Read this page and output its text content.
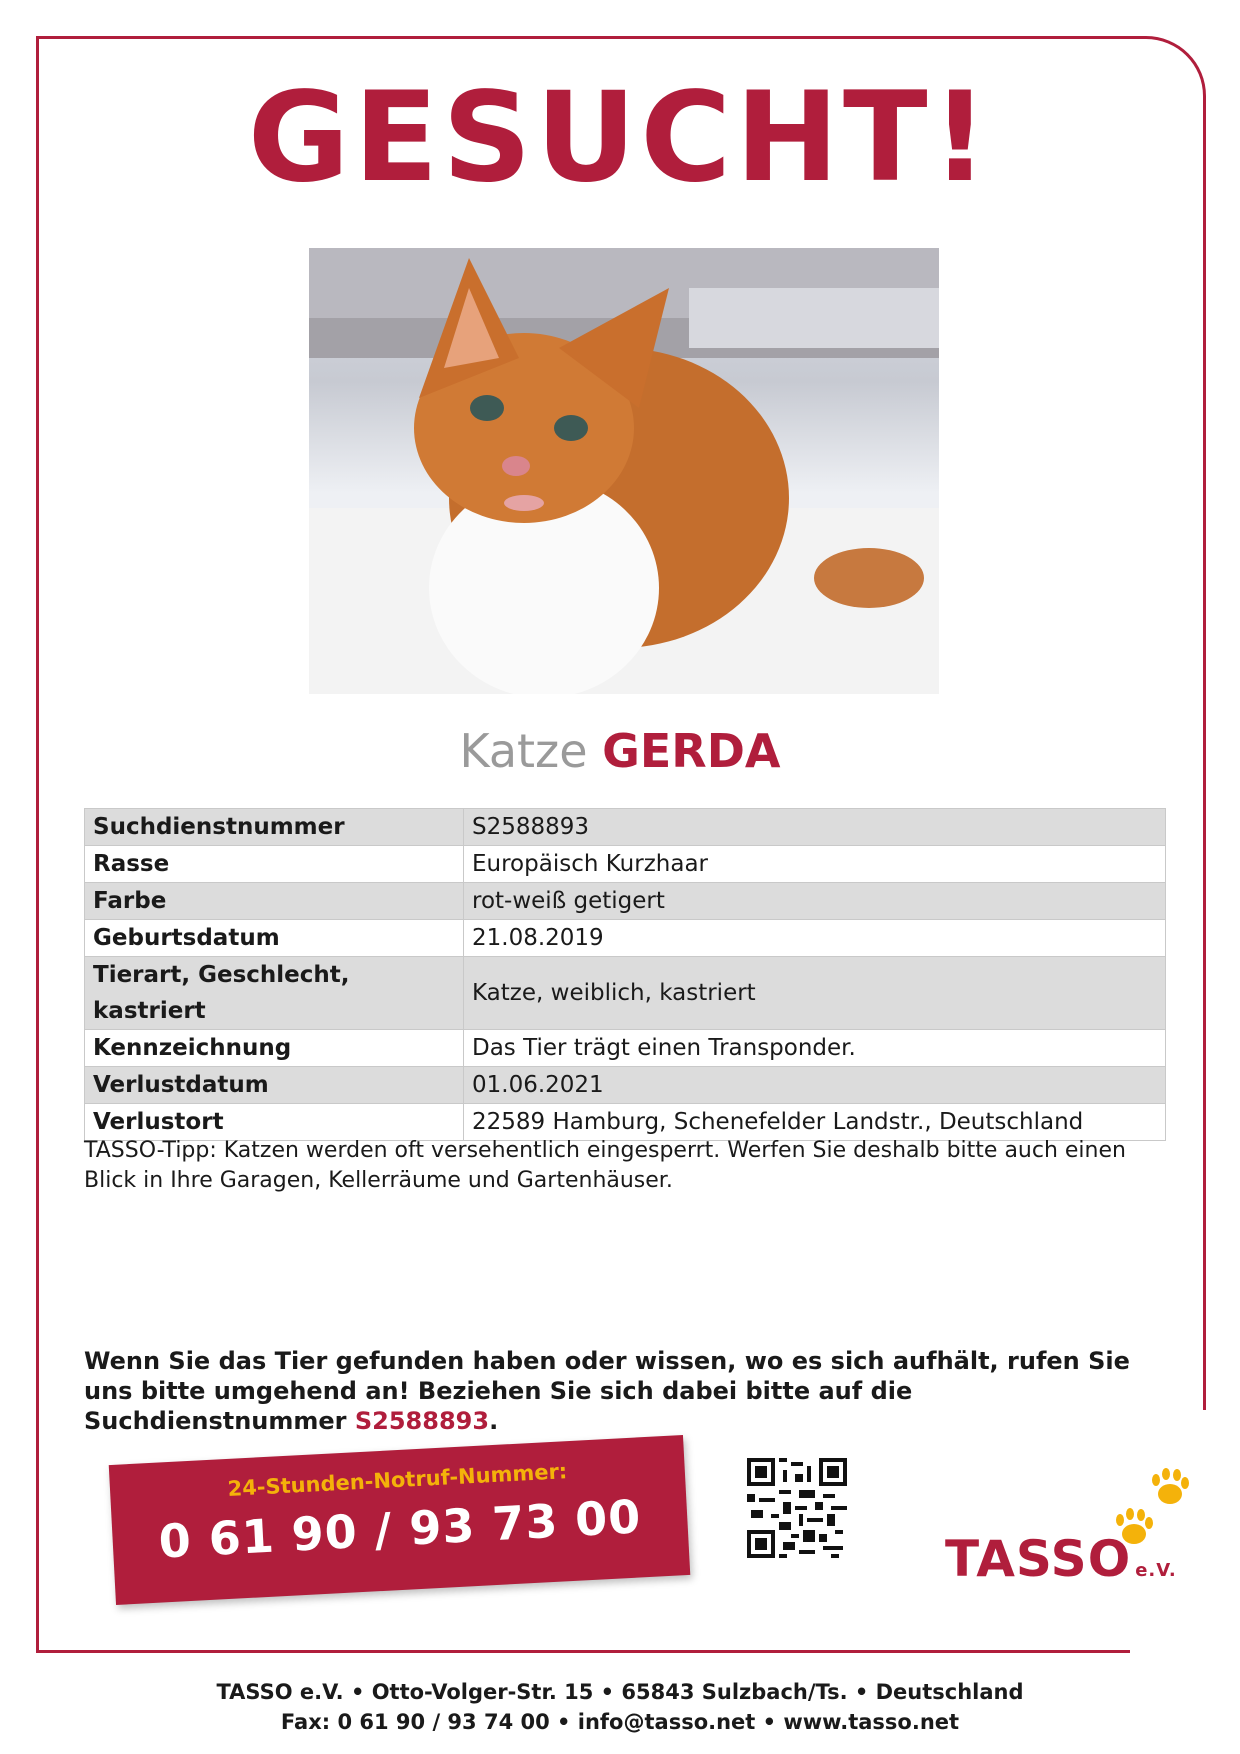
GESUCHT!
Katze GERDA
Suchdienstnummer	S2588893
Rasse	Europäisch Kurzhaar
Farbe	rot-weiß getigert
Geburtsdatum	21.08.2019
Tierart, Geschlecht, kastriert	Katze, weiblich, kastriert
Kennzeichnung	Das Tier trägt einen Transponder.
Verlustdatum	01.06.2021
Verlustort	22589 Hamburg, Schenefelder Landstr., Deutschland
TASSO-Tipp: Katzen werden oft versehentlich eingesperrt. Werfen Sie deshalb bitte auch einen Blick in Ihre Garagen, Kellerräume und Gartenhäuser.
Wenn Sie das Tier gefunden haben oder wissen, wo es sich aufhält, rufen Sie uns bitte umgehend an! Beziehen Sie sich dabei bitte auf die Suchdienstnummer S2588893.
24-Stunden-Notruf-Nummer:
0 61 90 / 93 73 00	TASSO e.V.
TASSO e.V. • Otto-Volger-Str. 15 • 65843 Sulzbach/Ts. • Deutschland
Fax: 0 61 90 / 93 74 00 • info@tasso.net • www.tasso.net
